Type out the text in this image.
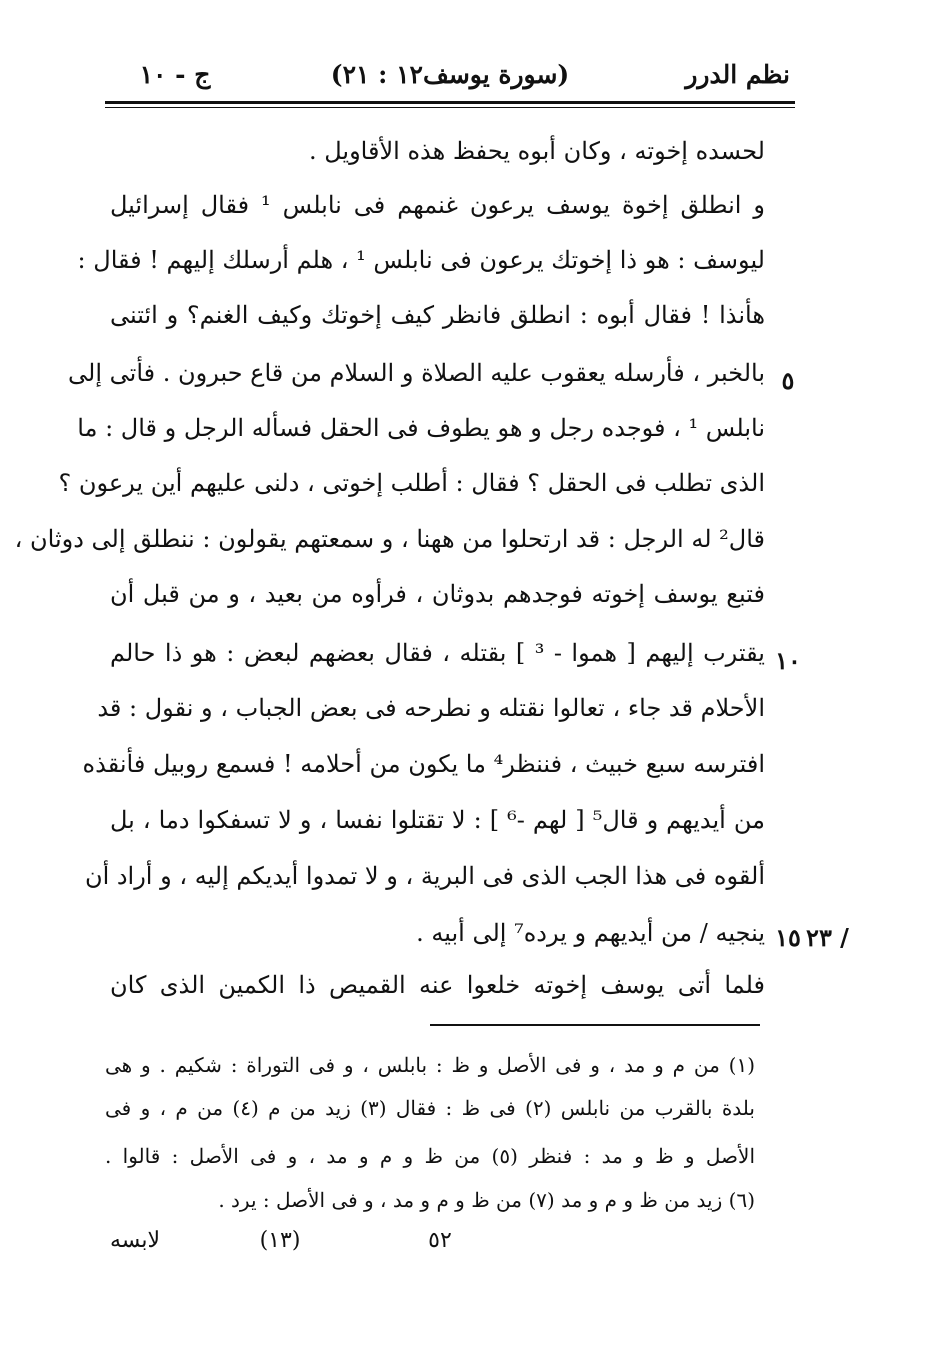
نظم الدرر
(سورة يوسف١٢ : ٢١)
ج - ١٠
لحسده إخوته ، وكان أبوه يحفظ هذه الأقاويل .
و انطلق إخوة يوسف يرعون غنمهم فى نابلس ¹ فقال إسرائيل
ليوسف : هو ذا إخوتك يرعون فى نابلس ¹ ، هلم أرسلك إليهم ! فقال :
هأنذا ! فقال أبوه : انطلق فانظر كيف إخوتك وكيف الغنم؟ و ائتنى
بالخبر ، فأرسله يعقوب عليه الصلاة و السلام من قاع حبرون . فأتى إلى
نابلس ¹ ، فوجده رجل و هو يطوف فى الحقل فسأله الرجل و قال : ما
الذى تطلب فى الحقل ؟ فقال : أطلب إخوتى ، دلنى عليهم أين يرعون ؟
قال² له الرجل : قد ارتحلوا من ههنا ، و سمعتهم يقولون : ننطلق إلى دوثان ،
فتبع يوسف إخوته فوجدهم بدوثان ، فرأوه من بعيد ، و من قبل أن
يقترب إليهم [ هموا - ³ ] بقتله ، فقال بعضهم لبعض : هو ذا حالم
الأحلام قد جاء ، تعالوا نقتله و نطرحه فى بعض الجباب ، و نقول : قد
افترسه سبع خبيث ، فننظر⁴ ما يكون من أحلامه ! فسمع روبيل فأنقذه
من أيديهم و قال⁵ [ لهم -⁶ ] : لا تقتلوا نفسا ، و لا تسفكوا دما ، بل
ألقوه فى هذا الجب الذى فى البرية ، و لا تمدوا أيديكم إليه ، و أراد أن
ينجيه / من أيديهم و يرده⁷ إلى أبيه .
فلما أتى يوسف إخوته خلعوا عنه القميص ذا الكمين الذى كان
٥
١٠
١٥ ٢٣ /
(١) من م و مد ، و فى الأصل و ظ : بابلس ، و فى التوراة : شكيم . و هى
بلدة بالقرب من نابلس (٢) فى ظ : فقال (٣) زيد من م (٤) من م ، و فى
الأصل و ظ و مد : فنظر (٥) من ظ و م و مد ، و فى الأصل : قالوا .
(٦) زيد من ظ و م و مد (٧) من ظ و م و مد ، و فى الأصل : يرد .
٥٢
(١٣)
لابسه
